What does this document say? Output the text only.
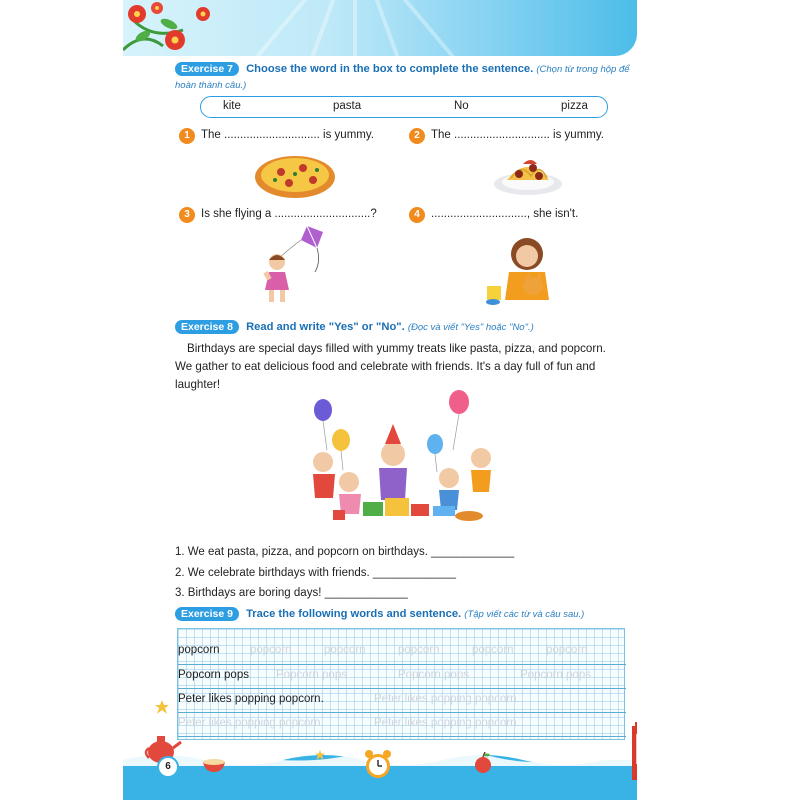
Exercise 7 Choose the word in the box to complete the sentence. (Chọn từ trong hộp để
hoàn thành câu.)
kite	pasta	No	pizza
1 The .............................. is yummy.	2 The .............................. is yummy.
3 Is she flying a ..............................?	4 .............................., she isn't.
Exercise 8 Read and write "Yes" or "No". (Đọc và viết "Yes" hoặc "No".)
Birthdays are special days filled with yummy treats like pasta, pizza, and popcorn.
We gather to eat delicious food and celebrate with friends. It's a day full of fun and
laughter!
1. We eat pasta, pizza, and popcorn on birthdays. _____________
2. We celebrate birthdays with friends. _____________
3. Birthdays are boring days! _____________
Exercise 9 Trace the following words and sentence. (Tập viết các từ và câu sau.)
popcorn	popcorn	popcorn	popcorn	popcorn	popcorn
Popcorn pops Popcorn pops	Popcorn pops	Popcorn pops
Peter likes popping popcorn.	Peter likes popping popcorn.
Peter likes popping popcorn.	Peter likes popping popcorn.
6
